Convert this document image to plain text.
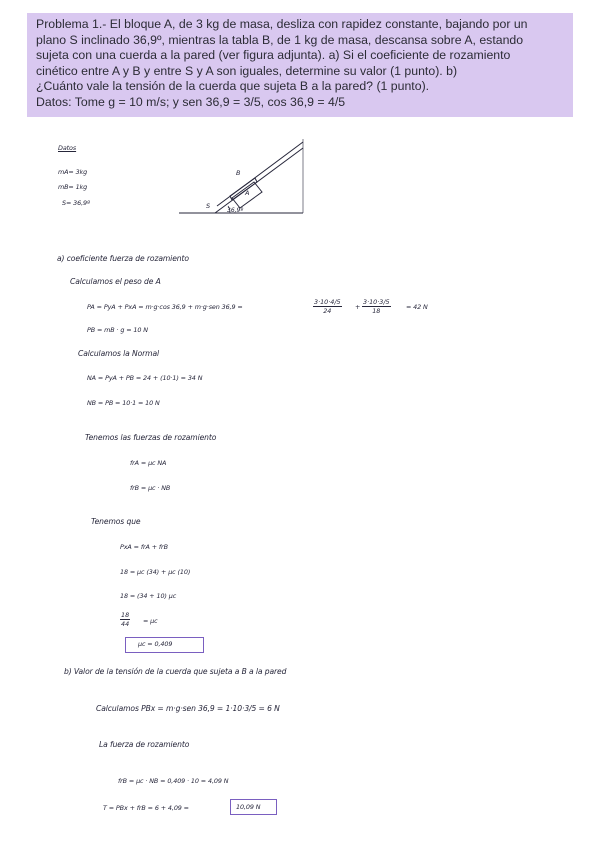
Problema 1.- El bloque A, de 3 kg de masa, desliza con rapidez constante, bajando por un
plano S inclinado 36,9º, mientras la tabla B, de 1 kg de masa, descansa sobre A, estando
sujeta con una cuerda a la pared (ver figura adjunta). a) Si el coeficiente de rozamiento
cinético entre A y B y entre S y A son iguales, determine su valor (1 punto). b)
¿Cuánto vale la tensión de la cuerda que sujeta B a la pared? (1 punto).
Datos: Tome g = 10 m/s; y sen 36,9 = 3/5, cos 36,9 = 4/5
Datos
mA= 3kg
mB= 1kg
S= 36,9º
B
A
S
36,9º
a) coeficiente fuerza de rozamiento
Calculamos el peso de A
PA = PyA + PxA = m·g·cos 36,9 + m·g·sen 36,9 =	$\frac{3\cdot 10\cdot 4/5}{24} + \frac{3\cdot 10\cdot 3/5}{18} = 42$ N
PB = mB · g = 10 N
Calculamos la Normal
NA = PyA + PB = 24 + (10·1) = 34 N
NB = PB = 10·1 = 10 N
Tenemos las fuerzas de rozamiento
frA = μc NA
frB = μc · NB
Tenemos que
PxA = frA + frB
18 = μc (34) + μc (10)
18 = (34 + 10) μc
$\frac{18}{44} = \mu c$
μc = 0,409
b) Valor de la tensión de la cuerda que sujeta a B a la pared
Calculamos PBx = m·g·sen 36,9 = 1·10·3/5 = 6 N
La fuerza de rozamiento
frB = μc · NB = 0,409 · 10 = 4,09 N
T = PBx + frB = 6 + 4,09 =	10,09 N
